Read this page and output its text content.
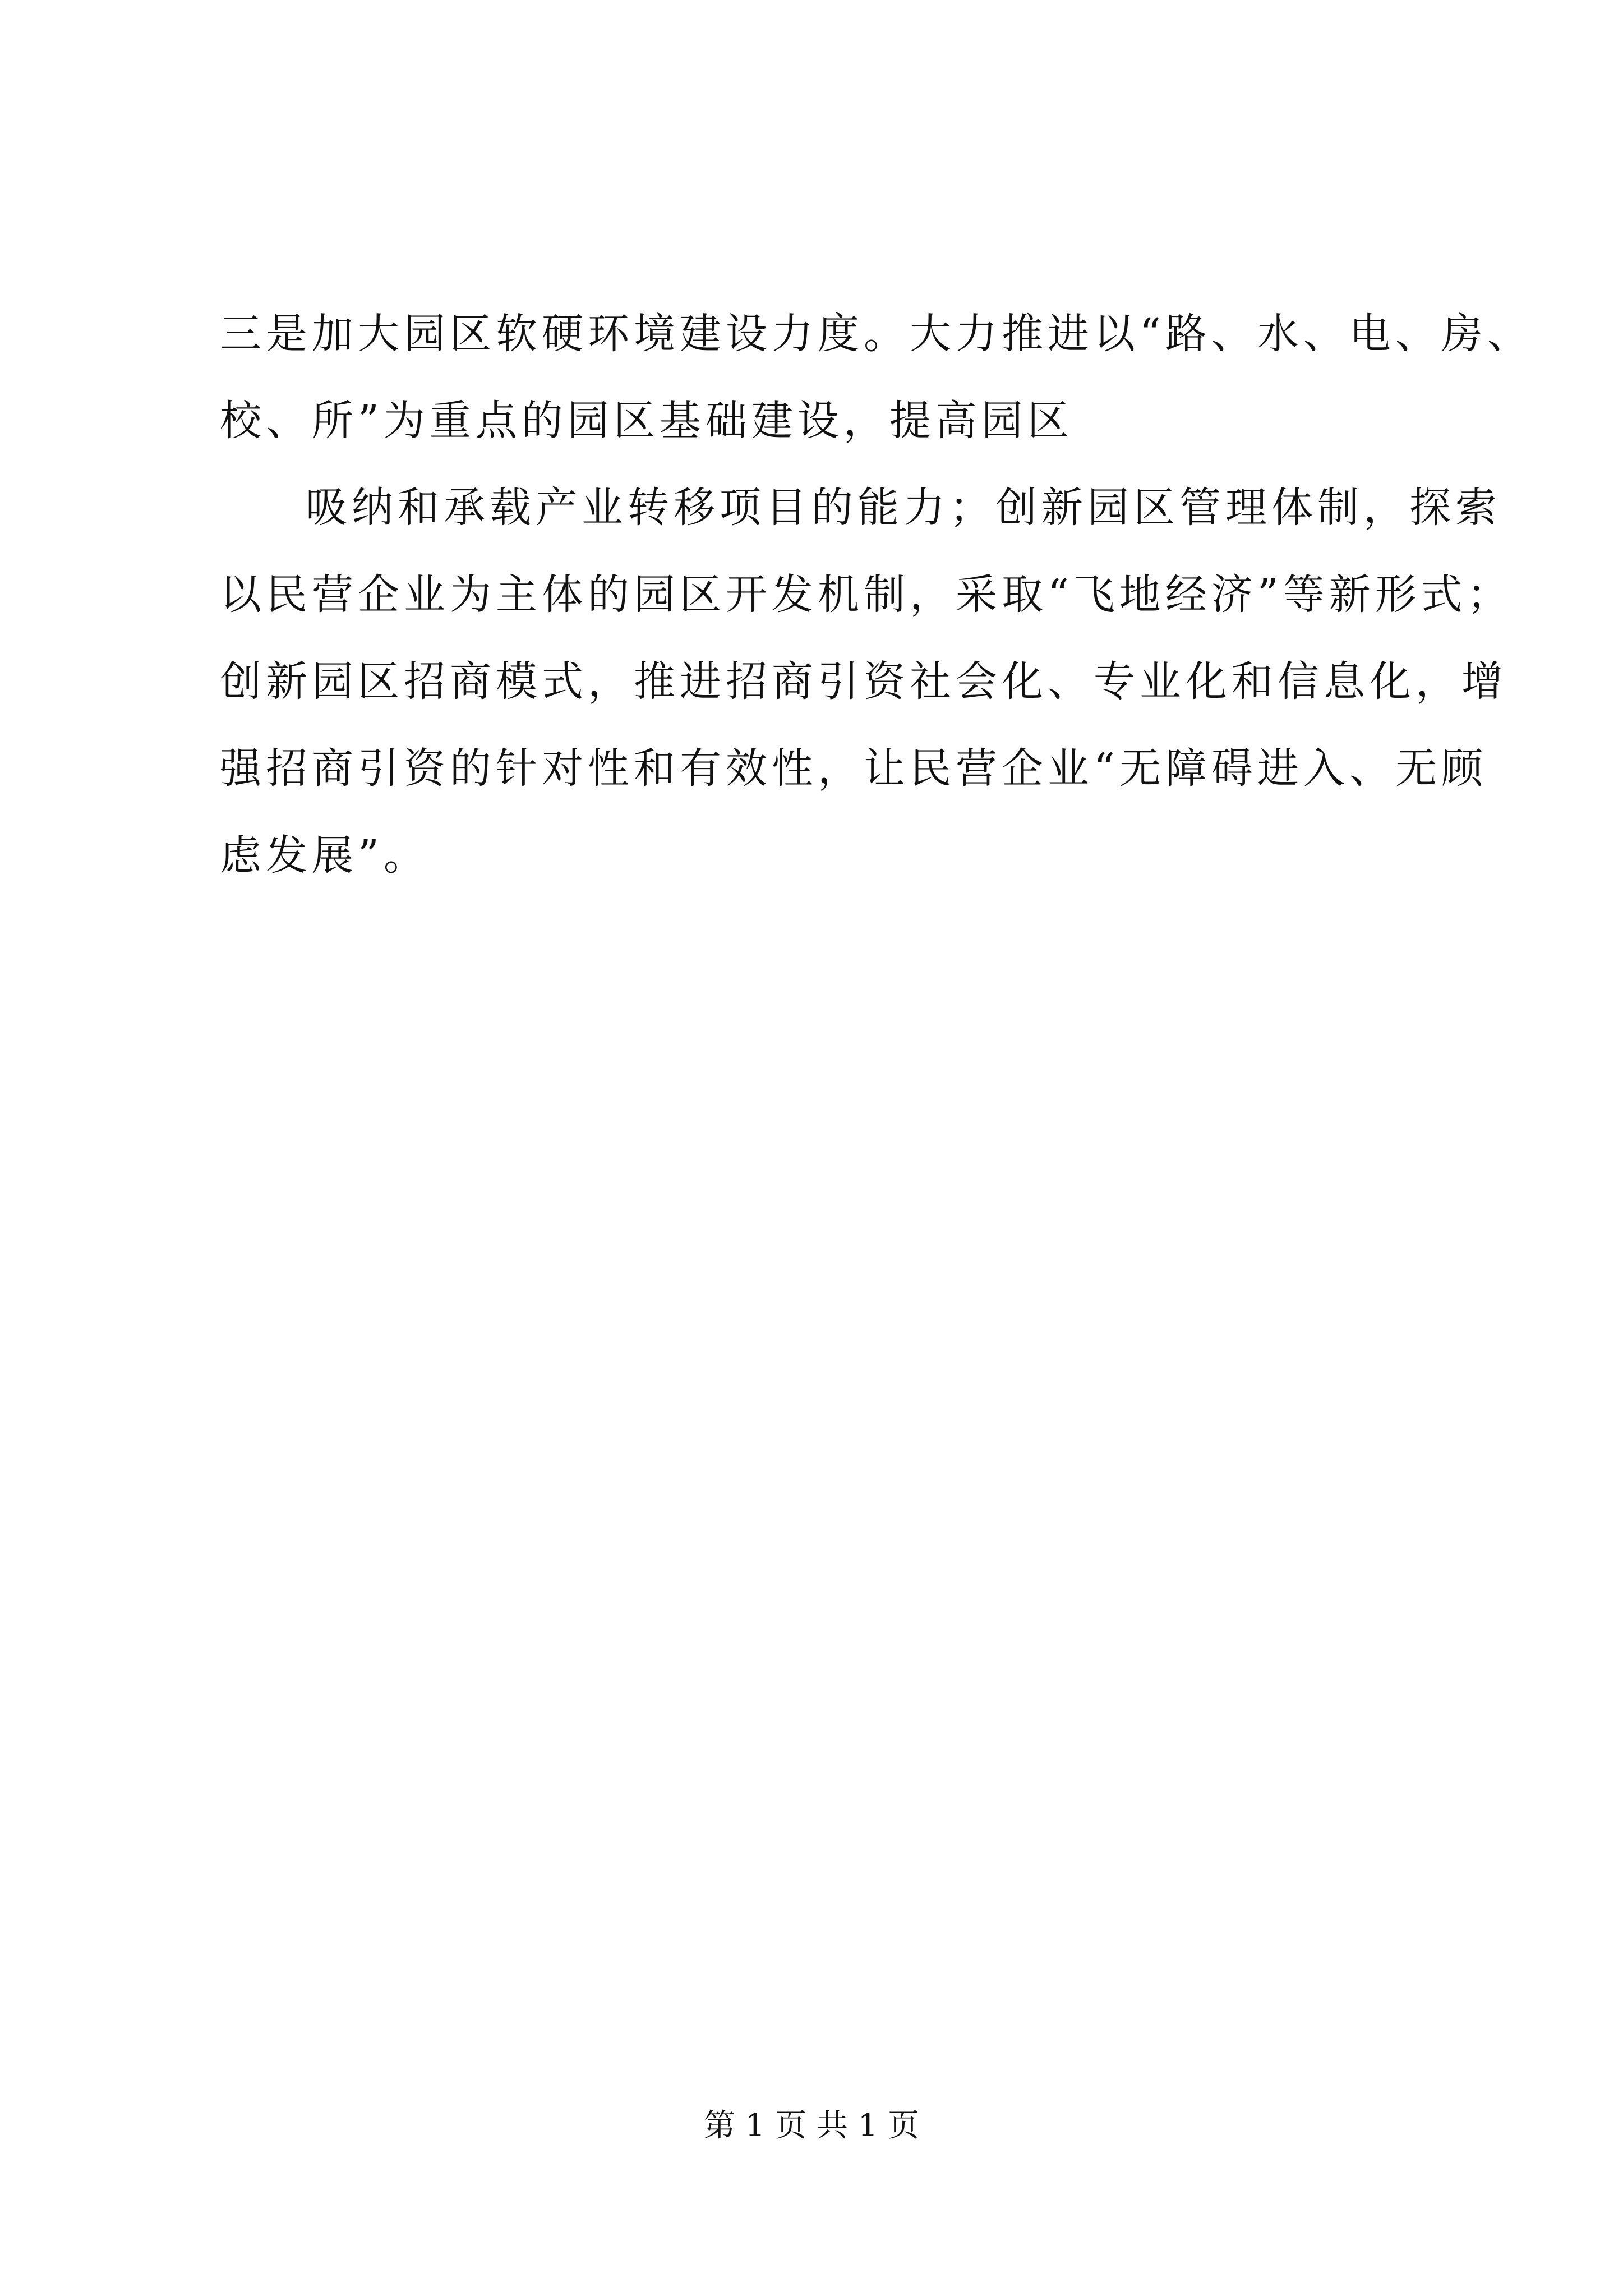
三是加大园区软硬环境建设力度。大力推进以“路、水、电、房、
校、所”为重点的园区基础建设，提高园区
吸纳和承载产业转移项目的能力；创新园区管理体制，探索
以民营企业为主体的园区开发机制，采取“飞地经济”等新形式；
创新园区招商模式，推进招商引资社会化、专业化和信息化，增
强招商引资的针对性和有效性，让民营企业“无障碍进入、无顾
虑发展”。
第 1 页 共 1 页
